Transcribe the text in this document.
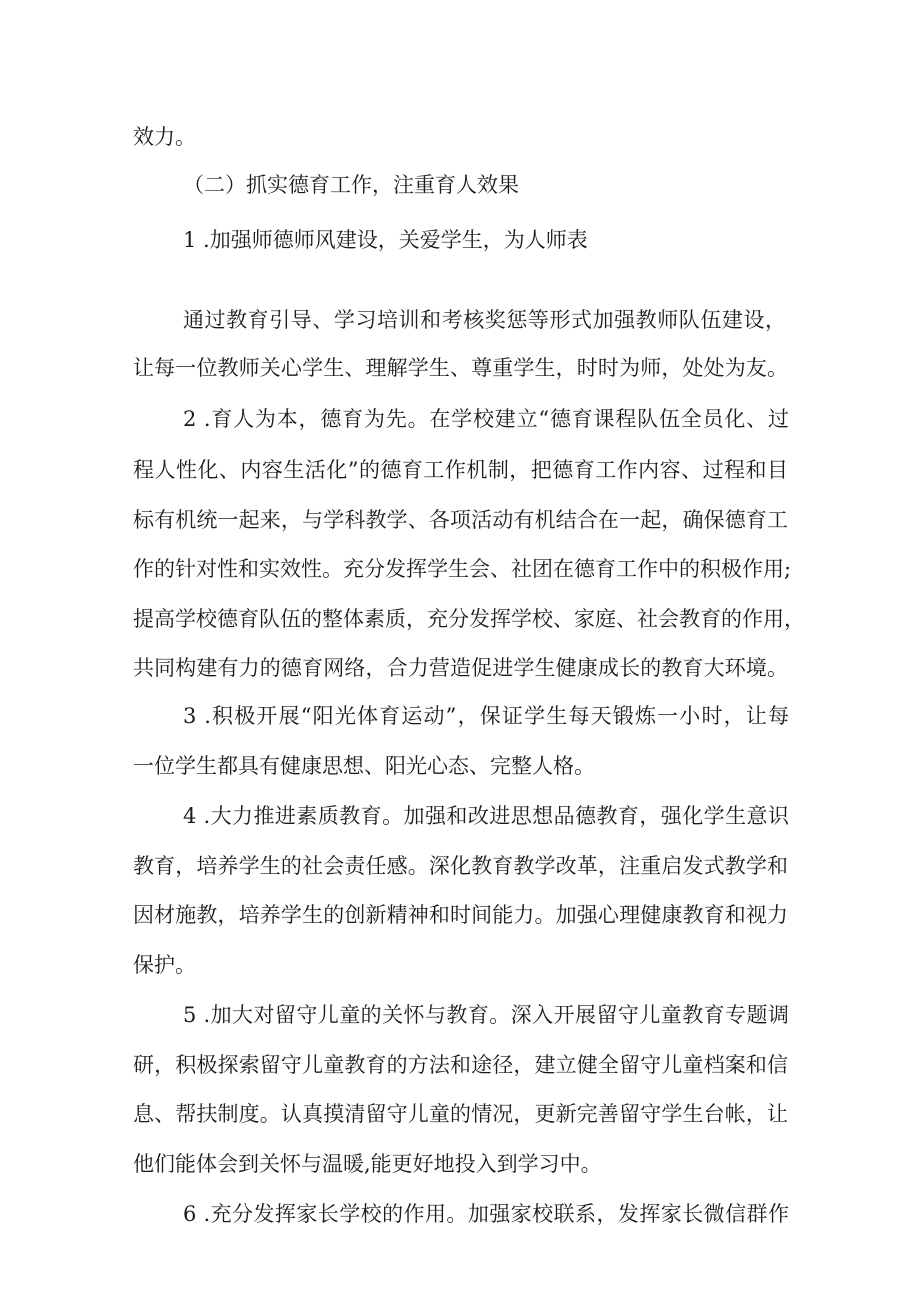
效力。

（二）抓实德育工作，注重育人效果

1 .加强师德师风建设，关爱学生，为人师表

通过教育引导、学习培训和考核奖惩等形式加强教师队伍建设，

让每一位教师关心学生、理解学生、尊重学生，时时为师，处处为友。

2 .育人为本，德育为先。在学校建立“德育课程队伍全员化、过

程人性化、内容生活化”的德育工作机制，把德育工作内容、过程和目

标有机统一起来，与学科教学、各项活动有机结合在一起，确保德育工

作的针对性和实效性。充分发挥学生会、社团在德育工作中的积极作用;

提高学校德育队伍的整体素质，充分发挥学校、家庭、社会教育的作用，

共同构建有力的德育网络，合力营造促进学生健康成长的教育大环境。

3 .积极开展“阳光体育运动”，保证学生每天锻炼一小时，让每

一位学生都具有健康思想、阳光心态、完整人格。

4 .大力推进素质教育。加强和改进思想品德教育，强化学生意识

教育，培养学生的社会责任感。深化教育教学改革，注重启发式教学和

因材施教，培养学生的创新精神和时间能力。加强心理健康教育和视力

保护。

5 .加大对留守儿童的关怀与教育。深入开展留守儿童教育专题调

研，积极探索留守儿童教育的方法和途径，建立健全留守儿童档案和信

息、帮扶制度。认真摸清留守儿童的情况，更新完善留守学生台帐，让

他们能体会到关怀与温暖,能更好地投入到学习中。

6 .充分发挥家长学校的作用。加强家校联系，发挥家长微信群作
